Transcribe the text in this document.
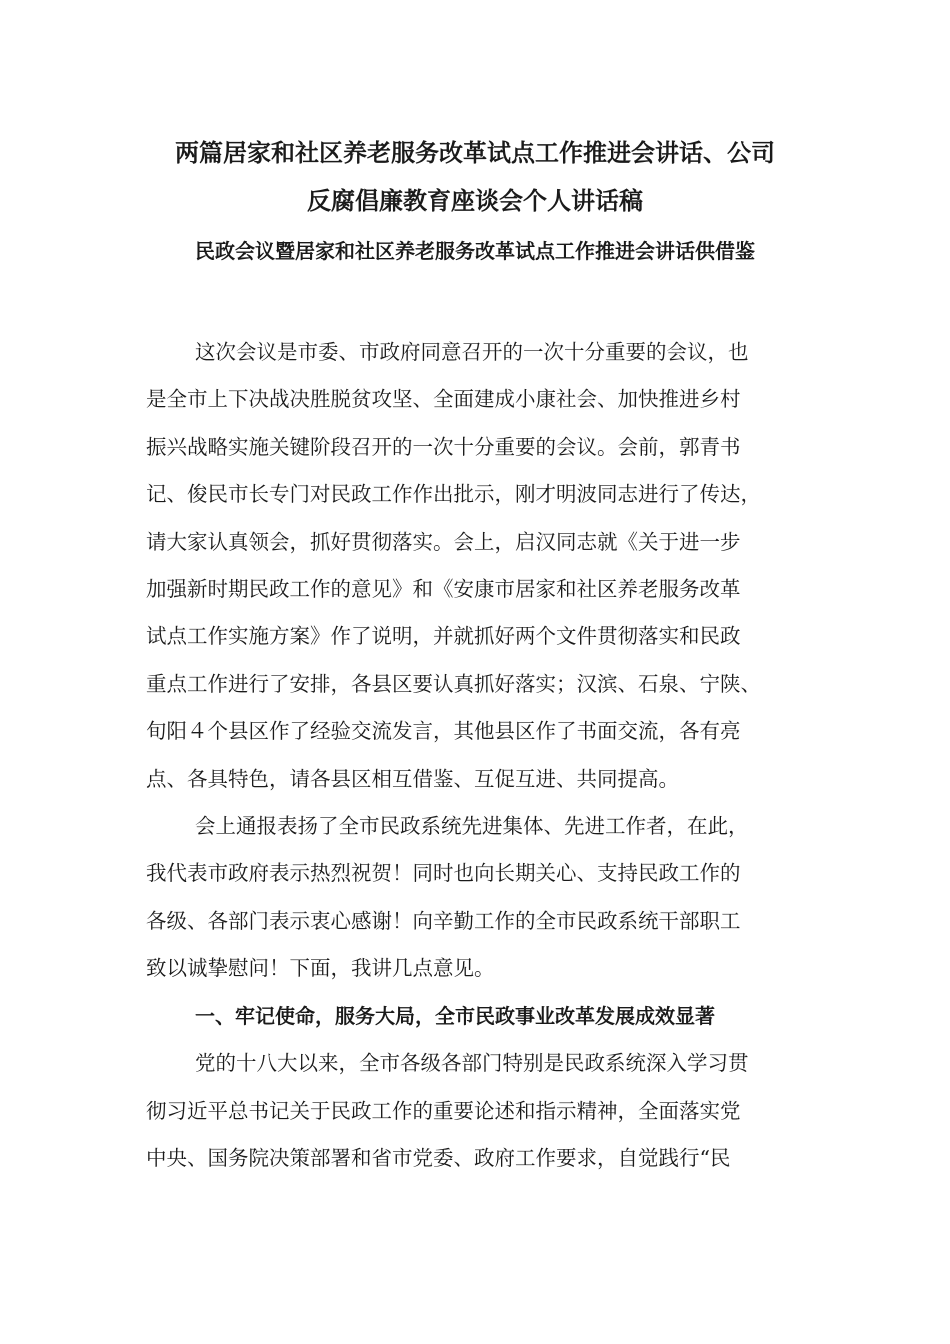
两篇居家和社区养老服务改革试点工作推进会讲话、公司
反腐倡廉教育座谈会个人讲话稿
民政会议暨居家和社区养老服务改革试点工作推进会讲话供借鉴

这次会议是市委、市政府同意召开的一次十分重要的会议，也

是全市上下决战决胜脱贫攻坚、全面建成小康社会、加快推进乡村

振兴战略实施关键阶段召开的一次十分重要的会议。会前，郭青书

记、俊民市长专门对民政工作作出批示，刚才明波同志进行了传达，

请大家认真领会，抓好贯彻落实。会上，启汉同志就《关于进一步

加强新时期民政工作的意见》和《安康市居家和社区养老服务改革

试点工作实施方案》作了说明，并就抓好两个文件贯彻落实和民政

重点工作进行了安排，各县区要认真抓好落实；汉滨、石泉、宁陕、

旬阳４个县区作了经验交流发言，其他县区作了书面交流，各有亮

点、各具特色，请各县区相互借鉴、互促互进、共同提高。

会上通报表扬了全市民政系统先进集体、先进工作者，在此，

我代表市政府表示热烈祝贺！同时也向长期关心、支持民政工作的

各级、各部门表示衷心感谢！向辛勤工作的全市民政系统干部职工

致以诚挚慰问！下面，我讲几点意见。

一、牢记使命，服务大局，全市民政事业改革发展成效显著

党的十八大以来，全市各级各部门特别是民政系统深入学习贯

彻习近平总书记关于民政工作的重要论述和指示精神，全面落实党

中央、国务院决策部署和省市党委、政府工作要求，自觉践行“民
